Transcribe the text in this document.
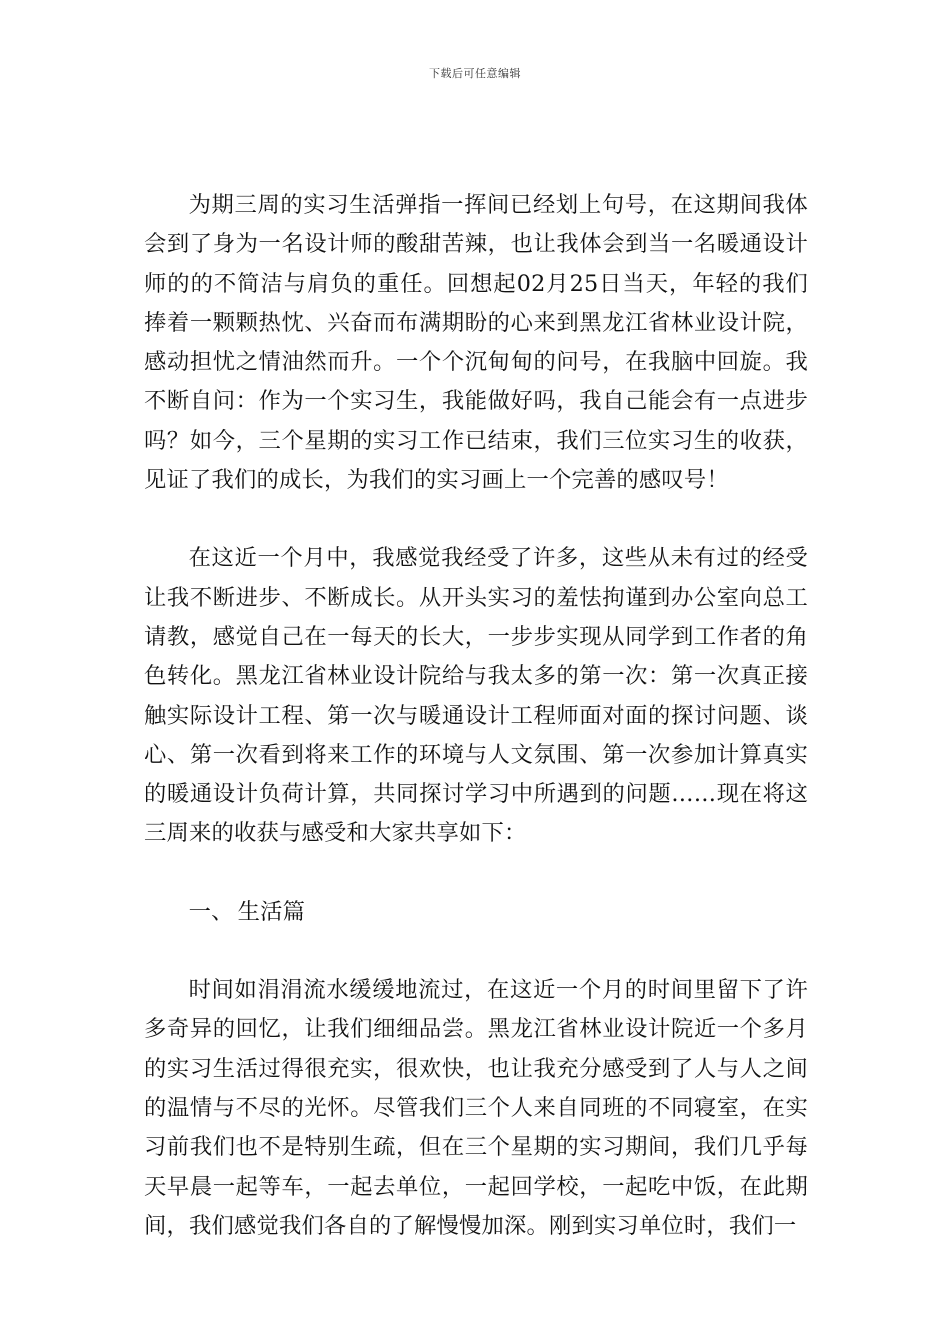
下载后可任意编辑

为期三周的实习生活弹指一挥间已经划上句号，在这期间我体会到了身为一名设计师的酸甜苦辣，也让我体会到当一名暖通设计师的的不简洁与肩负的重任。回想起02月25日当天，年轻的我们捧着一颗颗热忱、兴奋而布满期盼的心来到黑龙江省林业设计院，感动担忧之情油然而升。一个个沉甸甸的问号，在我脑中回旋。我不断自问：作为一个实习生，我能做好吗，我自己能会有一点进步吗？如今，三个星期的实习工作已结束，我们三位实习生的收获，见证了我们的成长，为我们的实习画上一个完善的感叹号！

在这近一个月中，我感觉我经受了许多，这些从未有过的经受让我不断进步、不断成长。从开头实习的羞怯拘谨到办公室向总工请教，感觉自己在一每天的长大，一步步实现从同学到工作者的角色转化。黑龙江省林业设计院给与我太多的第一次：第一次真正接触实际设计工程、第一次与暖通设计工程师面对面的探讨问题、谈心、第一次看到将来工作的环境与人文氛围、第一次参加计算真实的暖通设计负荷计算，共同探讨学习中所遇到的问题……现在将这三周来的收获与感受和大家共享如下：

一、 生活篇

时间如涓涓流水缓缓地流过，在这近一个月的时间里留下了许多奇异的回忆，让我们细细品尝。黑龙江省林业设计院近一个多月的实习生活过得很充实，很欢快，也让我充分感受到了人与人之间的温情与不尽的光怀。尽管我们三个人来自同班的不同寝室，在实习前我们也不是特别生疏，但在三个星期的实习期间，我们几乎每天早晨一起等车，一起去单位，一起回学校，一起吃中饭，在此期间，我们感觉我们各自的了解慢慢加深。刚到实习单位时，我们一
